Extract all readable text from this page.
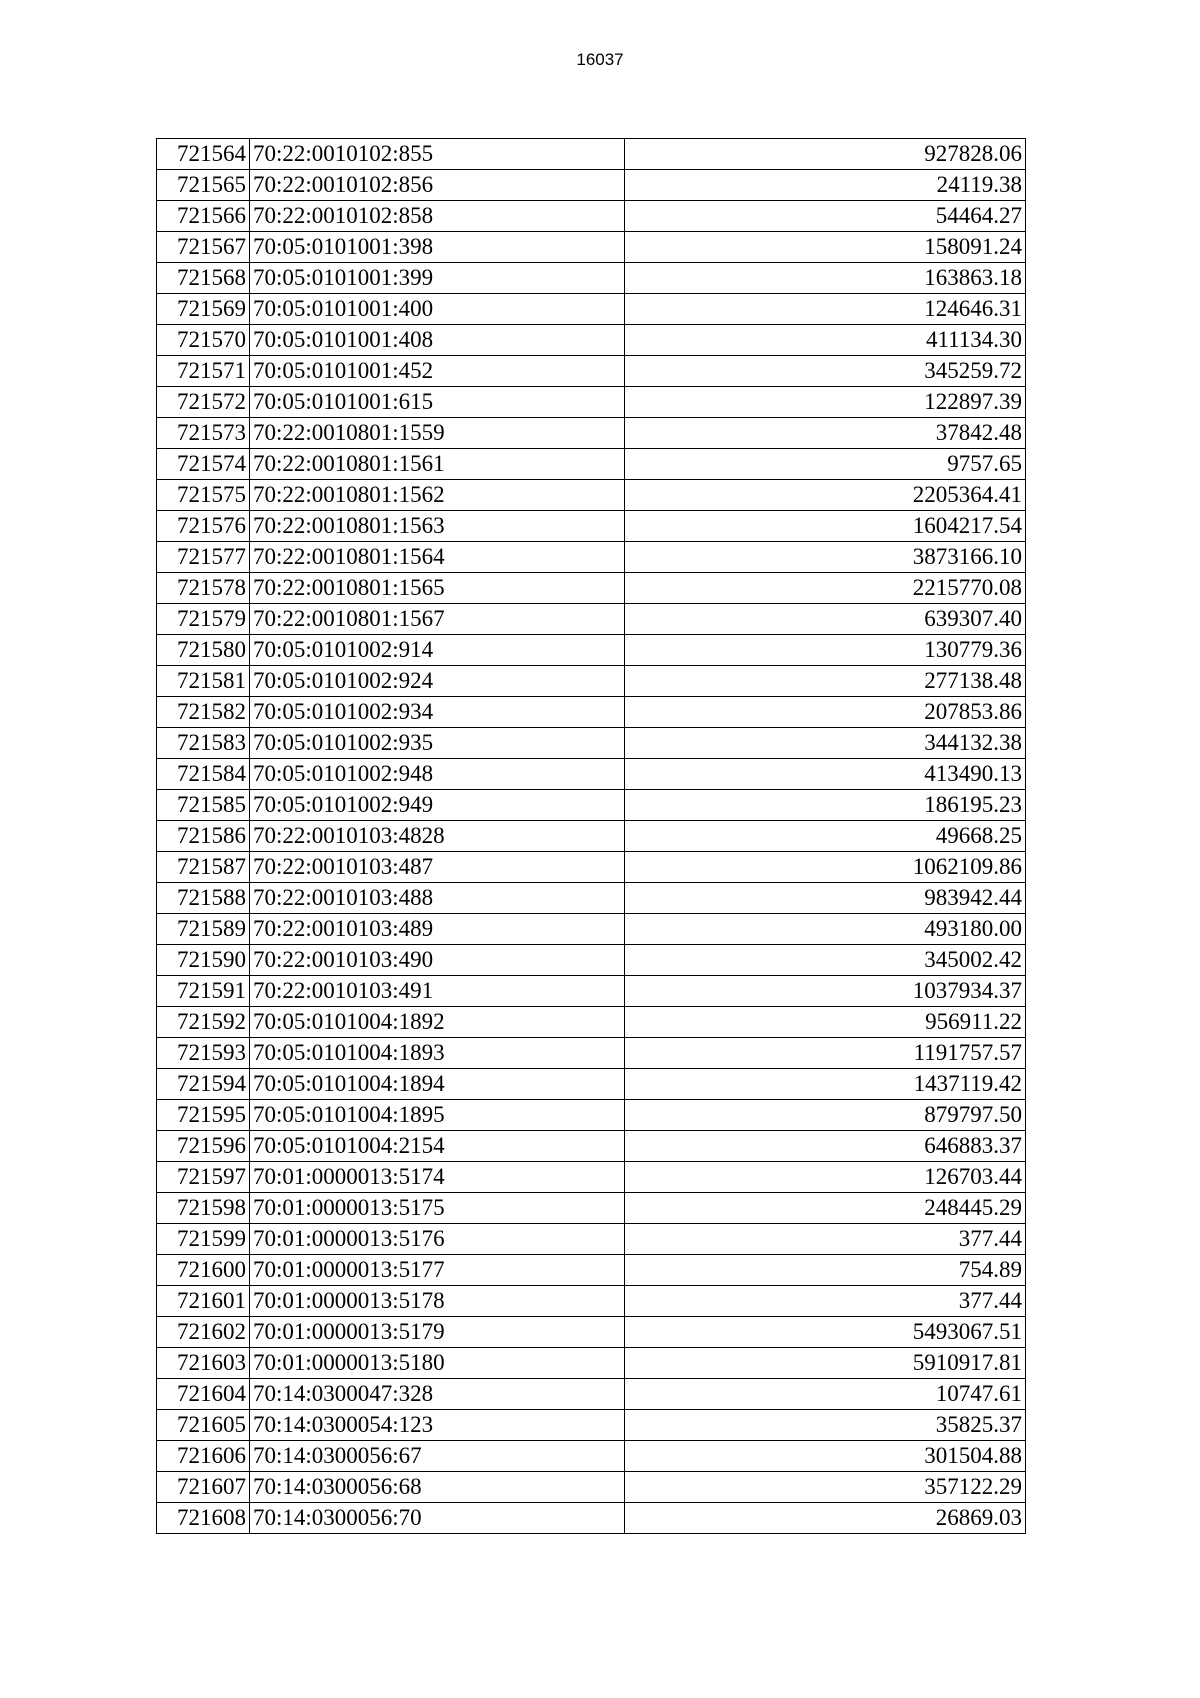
16037
721564	70:22:0010102:855	927828.06
721565	70:22:0010102:856	24119.38
721566	70:22:0010102:858	54464.27
721567	70:05:0101001:398	158091.24
721568	70:05:0101001:399	163863.18
721569	70:05:0101001:400	124646.31
721570	70:05:0101001:408	411134.30
721571	70:05:0101001:452	345259.72
721572	70:05:0101001:615	122897.39
721573	70:22:0010801:1559	37842.48
721574	70:22:0010801:1561	9757.65
721575	70:22:0010801:1562	2205364.41
721576	70:22:0010801:1563	1604217.54
721577	70:22:0010801:1564	3873166.10
721578	70:22:0010801:1565	2215770.08
721579	70:22:0010801:1567	639307.40
721580	70:05:0101002:914	130779.36
721581	70:05:0101002:924	277138.48
721582	70:05:0101002:934	207853.86
721583	70:05:0101002:935	344132.38
721584	70:05:0101002:948	413490.13
721585	70:05:0101002:949	186195.23
721586	70:22:0010103:4828	49668.25
721587	70:22:0010103:487	1062109.86
721588	70:22:0010103:488	983942.44
721589	70:22:0010103:489	493180.00
721590	70:22:0010103:490	345002.42
721591	70:22:0010103:491	1037934.37
721592	70:05:0101004:1892	956911.22
721593	70:05:0101004:1893	1191757.57
721594	70:05:0101004:1894	1437119.42
721595	70:05:0101004:1895	879797.50
721596	70:05:0101004:2154	646883.37
721597	70:01:0000013:5174	126703.44
721598	70:01:0000013:5175	248445.29
721599	70:01:0000013:5176	377.44
721600	70:01:0000013:5177	754.89
721601	70:01:0000013:5178	377.44
721602	70:01:0000013:5179	5493067.51
721603	70:01:0000013:5180	5910917.81
721604	70:14:0300047:328	10747.61
721605	70:14:0300054:123	35825.37
721606	70:14:0300056:67	301504.88
721607	70:14:0300056:68	357122.29
721608	70:14:0300056:70	26869.03
